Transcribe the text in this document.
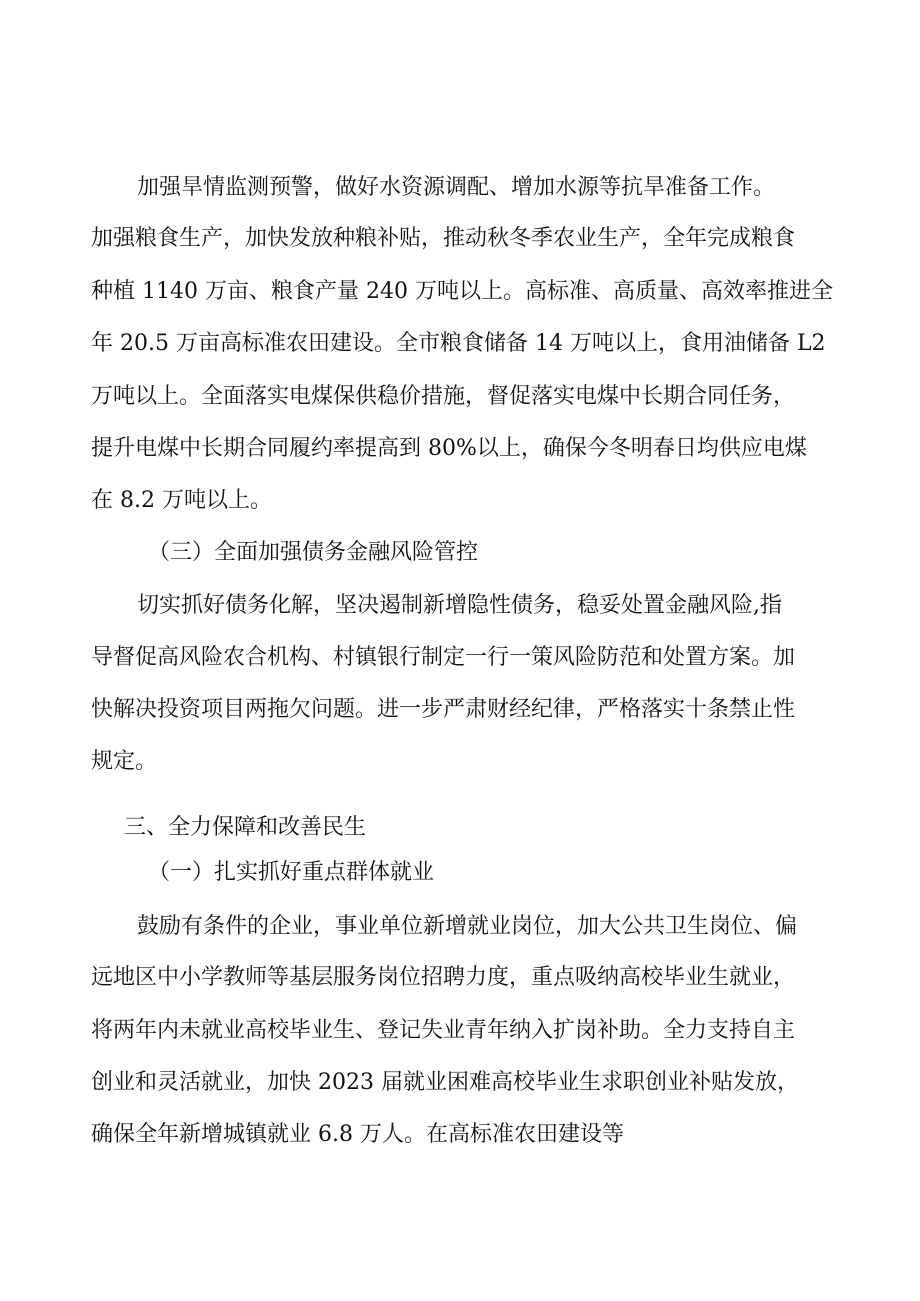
加强旱情监测预警，做好水资源调配、增加水源等抗旱准备工作。

加强粮食生产，加快发放种粮补贴，推动秋冬季农业生产，全年完成粮食

种植 1140 万亩、粮食产量 240 万吨以上。高标准、高质量、高效率推进全

年 20.5 万亩高标准农田建设。全市粮食储备 14 万吨以上，食用油储备 L2

万吨以上。全面落实电煤保供稳价措施，督促落实电煤中长期合同任务，

提升电煤中长期合同履约率提高到 80%以上，确保今冬明春日均供应电煤

在 8.2 万吨以上。

（三）全面加强债务金融风险管控

切实抓好债务化解，坚决遏制新增隐性债务，稳妥处置金融风险,指

导督促高风险农合机构、村镇银行制定一行一策风险防范和处置方案。加

快解决投资项目两拖欠问题。进一步严肃财经纪律，严格落实十条禁止性

规定。

三、全力保障和改善民生

（一）扎实抓好重点群体就业

鼓励有条件的企业，事业单位新增就业岗位，加大公共卫生岗位、偏

远地区中小学教师等基层服务岗位招聘力度，重点吸纳高校毕业生就业，

将两年内未就业高校毕业生、登记失业青年纳入扩岗补助。全力支持自主

创业和灵活就业，加快 2023 届就业困难高校毕业生求职创业补贴发放，

确保全年新增城镇就业 6.8 万人。在高标准农田建设等
